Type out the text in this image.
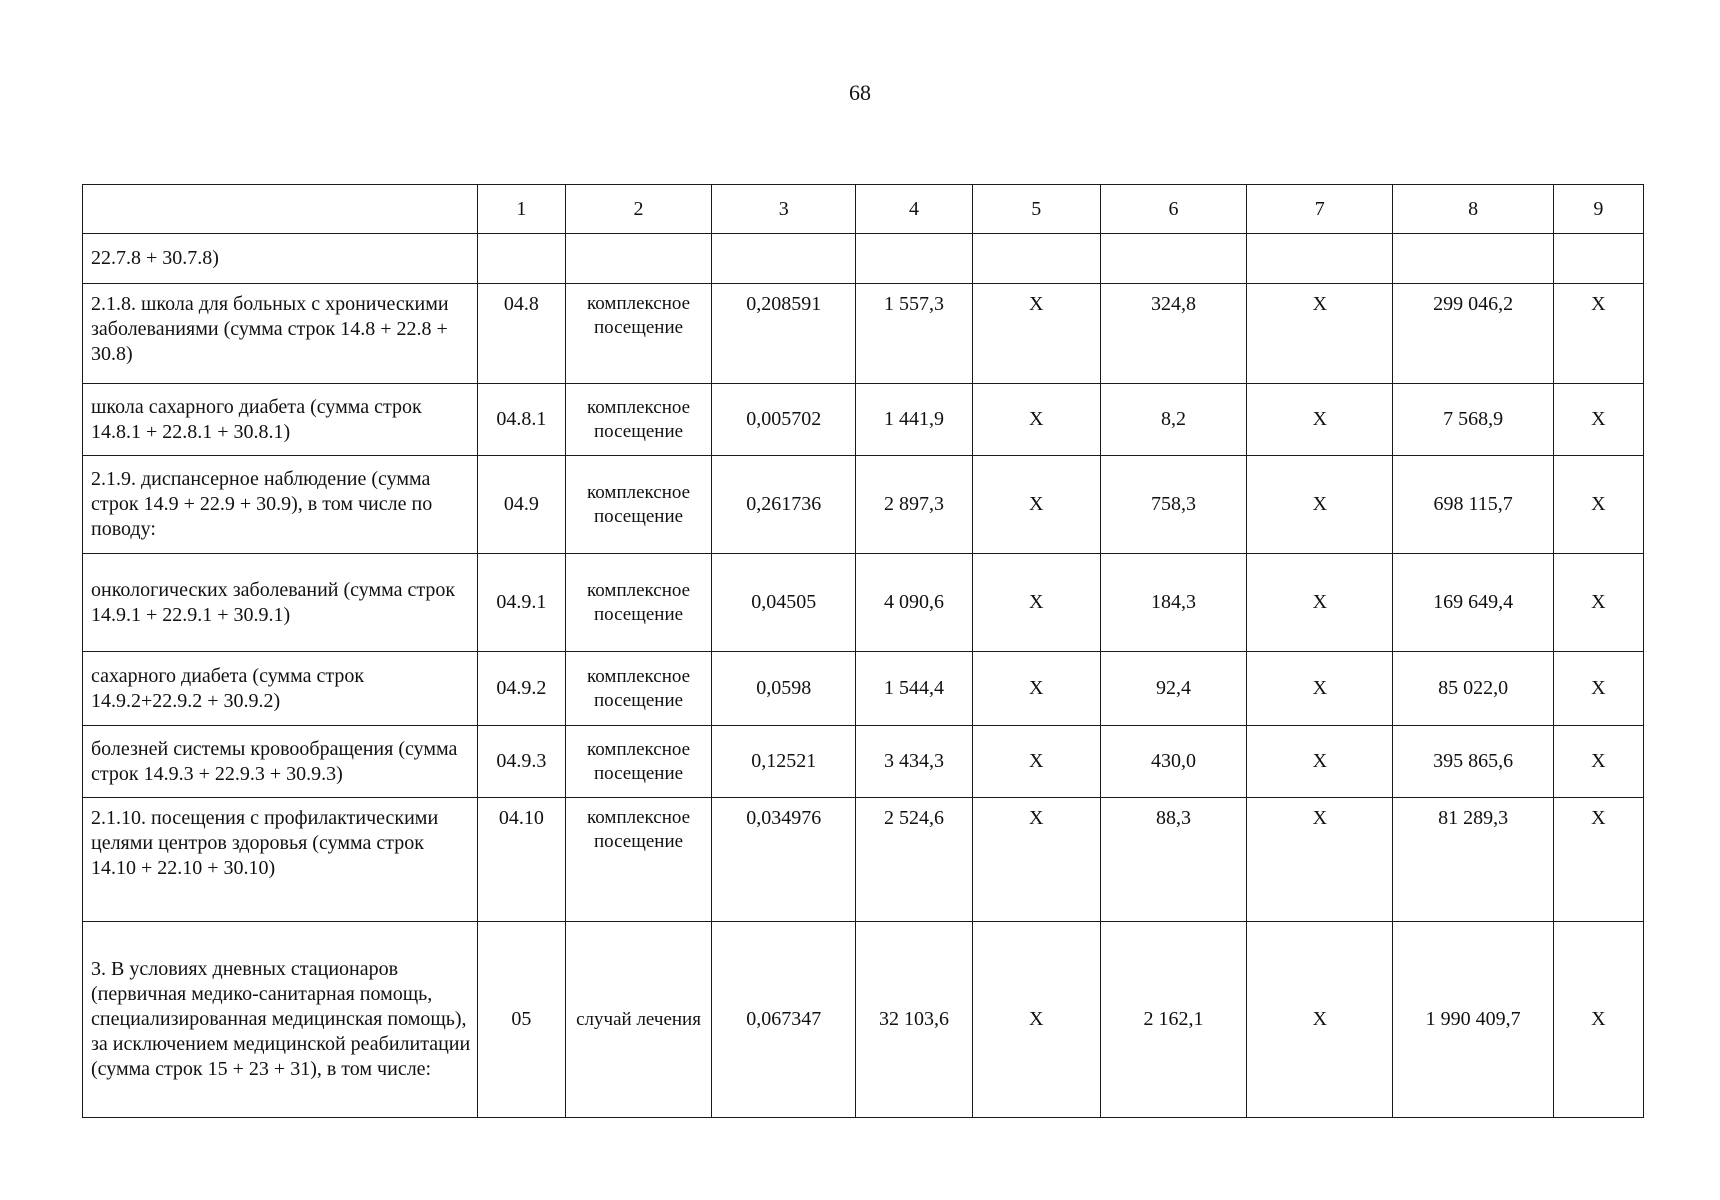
68
	1	2	3	4	5	6	7	8	9
22.7.8 + 30.7.8)									
2.1.8. школа для больных с хроническими заболеваниями (сумма строк 14.8 + 22.8 + 30.8)	04.8	комплексное посещение	0,208591	1 557,3	X	324,8	X	299 046,2	X
школа сахарного диабета (сумма строк 14.8.1 + 22.8.1 + 30.8.1)	04.8.1	комплексное посещение	0,005702	1 441,9	X	8,2	X	7 568,9	X
2.1.9. диспансерное наблюдение (сумма строк 14.9 + 22.9 + 30.9), в том числе по поводу:	04.9	комплексное посещение	0,261736	2 897,3	X	758,3	X	698 115,7	X
онкологических заболеваний (сумма строк 14.9.1 + 22.9.1 + 30.9.1)	04.9.1	комплексное посещение	0,04505	4 090,6	X	184,3	X	169 649,4	X
сахарного диабета (сумма строк 14.9.2+22.9.2 + 30.9.2)	04.9.2	комплексное посещение	0,0598	1 544,4	X	92,4	X	85 022,0	X
болезней системы кровообращения (сумма строк 14.9.3 + 22.9.3 + 30.9.3)	04.9.3	комплексное посещение	0,12521	3 434,3	X	430,0	X	395 865,6	X
2.1.10. посещения с профилактическими целями центров здоровья (сумма строк 14.10 + 22.10 + 30.10)	04.10	комплексное посещение	0,034976	2 524,6	X	88,3	X	81 289,3	X
3. В условиях дневных стационаров (первичная медико-санитарная помощь, специализированная медицинская помощь), за исключением медицинской реабилитации (сумма строк 15 + 23 + 31), в том числе:	05	случай лечения	0,067347	32 103,6	X	2 162,1	X	1 990 409,7	X
